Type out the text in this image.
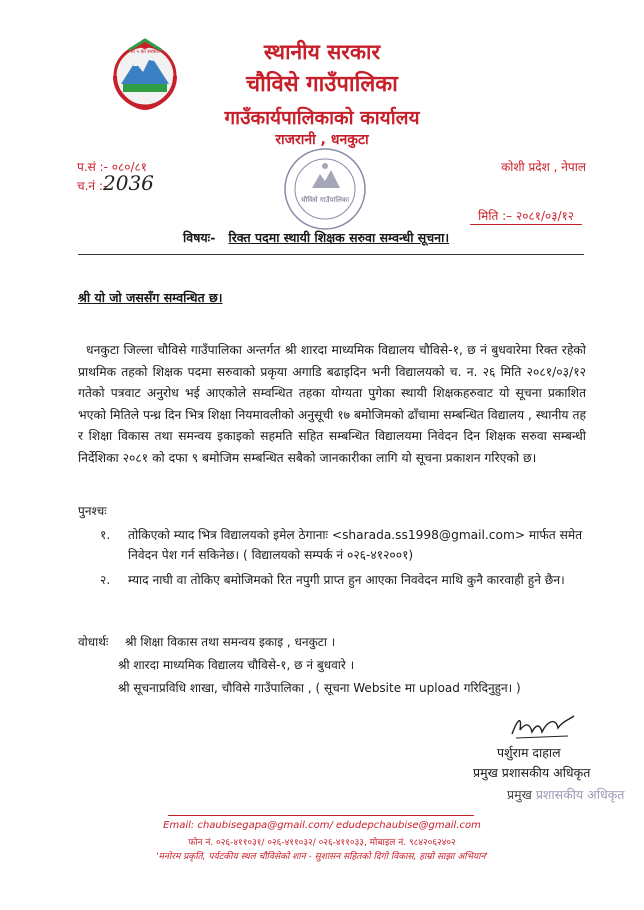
श्री ५ को सरकार	स्थानीय सरकार
चौविसे गाउँपालिका
गाउँकार्यपालिकाको कार्यालय
राजरानी , धनकुटा
प.सं :- ०८०/८१
च.नं :-
2036
कोशी प्रदेश , नेपाल
चौविसे गाउँपालिका
मिति :– २०८१/०३/१२
विषयः- रिक्त पदमा स्थायी शिक्षक सरुवा सम्वन्धी सूचना।
श्री यो जो जससँग सम्वन्धित छ।
धनकुटा जिल्ला चौविसे गाउँपालिका अन्तर्गत श्री शारदा माध्यमिक विद्यालय चौविसे-१, छ नं बुधवारेमा रिक्त रहेको प्राथमिक तहको शिक्षक पदमा सरुवाको प्रकृया अगाडि बढाइदिन भनी विद्यालयको च. न. २६ मिति २०८१/०३/१२ गतेको पत्रवाट अनुरोध भई आएकोले सम्वन्धित तहका योग्यता पुगेका स्थायी शिक्षकहरुवाट यो सूचना प्रकाशित भएको मितिले पन्ध्र दिन भित्र शिक्षा नियमावलीको अनुसूची १७ बमोजिमको ढाँचामा सम्बन्धित विद्यालय , स्थानीय तह र शिक्षा विकास तथा समन्वय इकाइको सहमति सहित सम्बन्धित विद्यालयमा निवेदन दिन शिक्षक सरुवा सम्बन्धी निर्देशिका २०८१ को दफा ९ बमोजिम सम्बन्धित सबैको जानकारीका लागि यो सूचना प्रकाशन गरिएको छ।
पुनश्चः
१.	तोकिएको म्याद भित्र विद्यालयको इमेल ठेगानाः <sharada.ss1998@gmail.com> मार्फत समेत निवेदन पेश गर्न सकिनेछ। ( विद्यालयको सम्पर्क नं ०२६-४१२००१)
२.	म्याद नाघी वा तोकिए बमोजिमको रित नपुगी प्राप्त हुन आएका निववेदन माथि कुनै कारवाही हुने छैन।
वोधार्थः श्री शिक्षा विकास तथा समन्वय इकाइ , धनकुटा ।
श्री शारदा माध्यमिक विद्यालय चौविसे-१, छ नं बुधवारे ।
श्री सूचनाप्रविधि शाखा, चौविसे गाउँपालिका , ( सूचना Website मा upload गरिदिनुहुन। )
पर्शुराम दाहाल
प्रमुख प्रशासकीय अधिकृत
प्रमुख प्रशासकीय अधिकृत
Email: chaubisegapa@gmail.com/ edudepchaubise@gmail.com
फोन नं. ०२६-४११०३१/ ०२६-४११०३२/ ०२६-४११०३३, मोबाइल नं. ९८४२०६२४०२
'मनोरम प्रकृति, पर्यटकीय स्थल चौविसेको शान - सुशासन सहितको दिगो विकास, हाम्रो साझा अभियान'
